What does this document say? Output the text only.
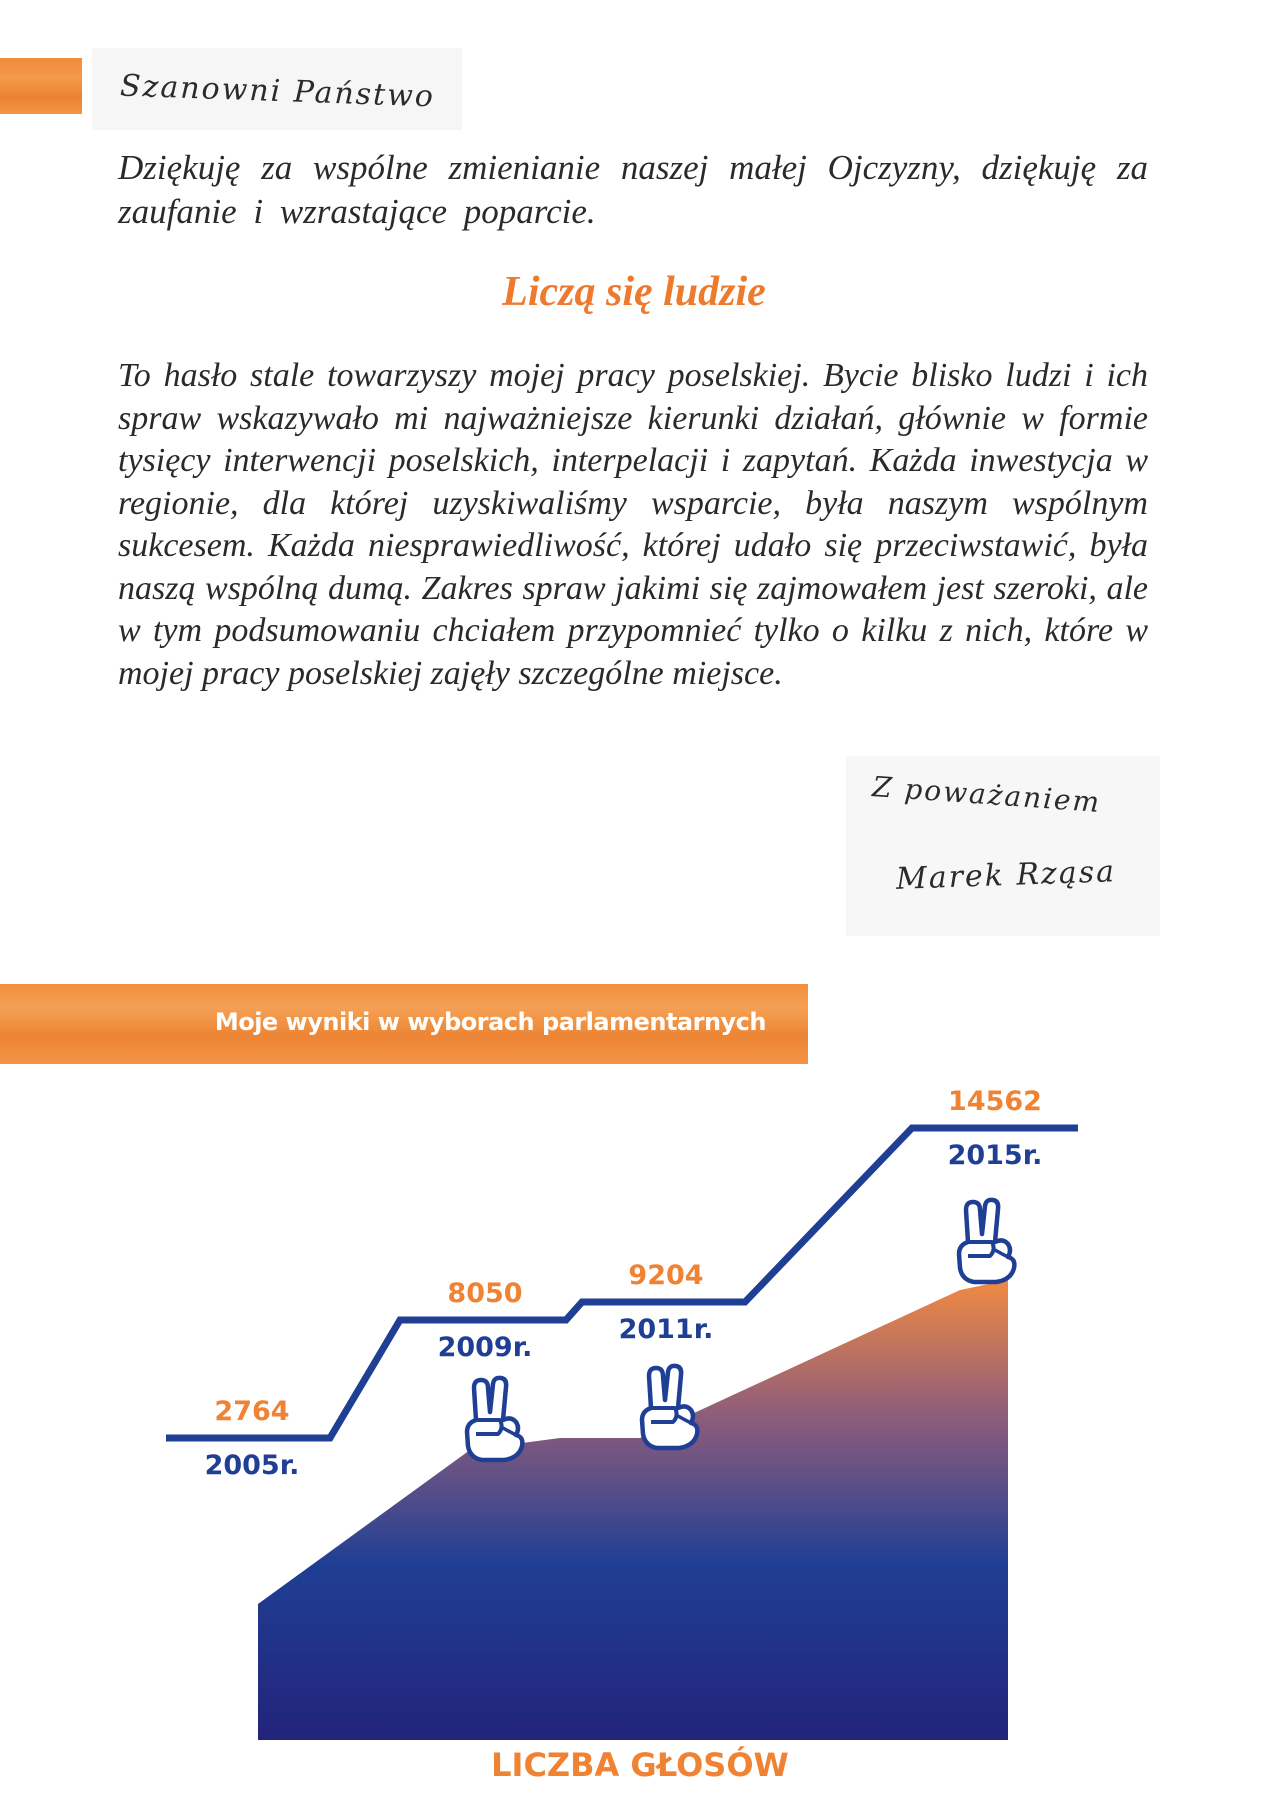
Szanowni Państwo

Dziękuję za wspólne zmienianie naszej małej Ojczyzny, dziękuję za zaufanie i wzrastające poparcie.

Liczą się ludzie

To hasło stale towarzyszy mojej pracy poselskiej. Bycie blisko ludzi i ich spraw wskazywało mi najważniejsze kierunki działań, głównie w formie tysięcy interwencji poselskich, interpelacji i zapytań. Każda inwestycja w regionie, dla której uzyskiwaliśmy wsparcie, była naszym wspólnym sukcesem. Każda niesprawiedliwość, której udało się przeciwstawić, była naszą wspólną dumą. Zakres spraw jakimi się zajmowałem jest szeroki, ale w tym podsumowaniu chciałem przypomnieć tylko o kilku z nich, które w mojej pracy poselskiej zajęły szczególne miejsce.

Z poważaniem
Marek Rząsa
Moje wyniki w wyborach parlamentarnych
2764
2005r.
8050
2009r.
9204
2011r.
14562
2015r.
LICZBA GŁOSÓW
